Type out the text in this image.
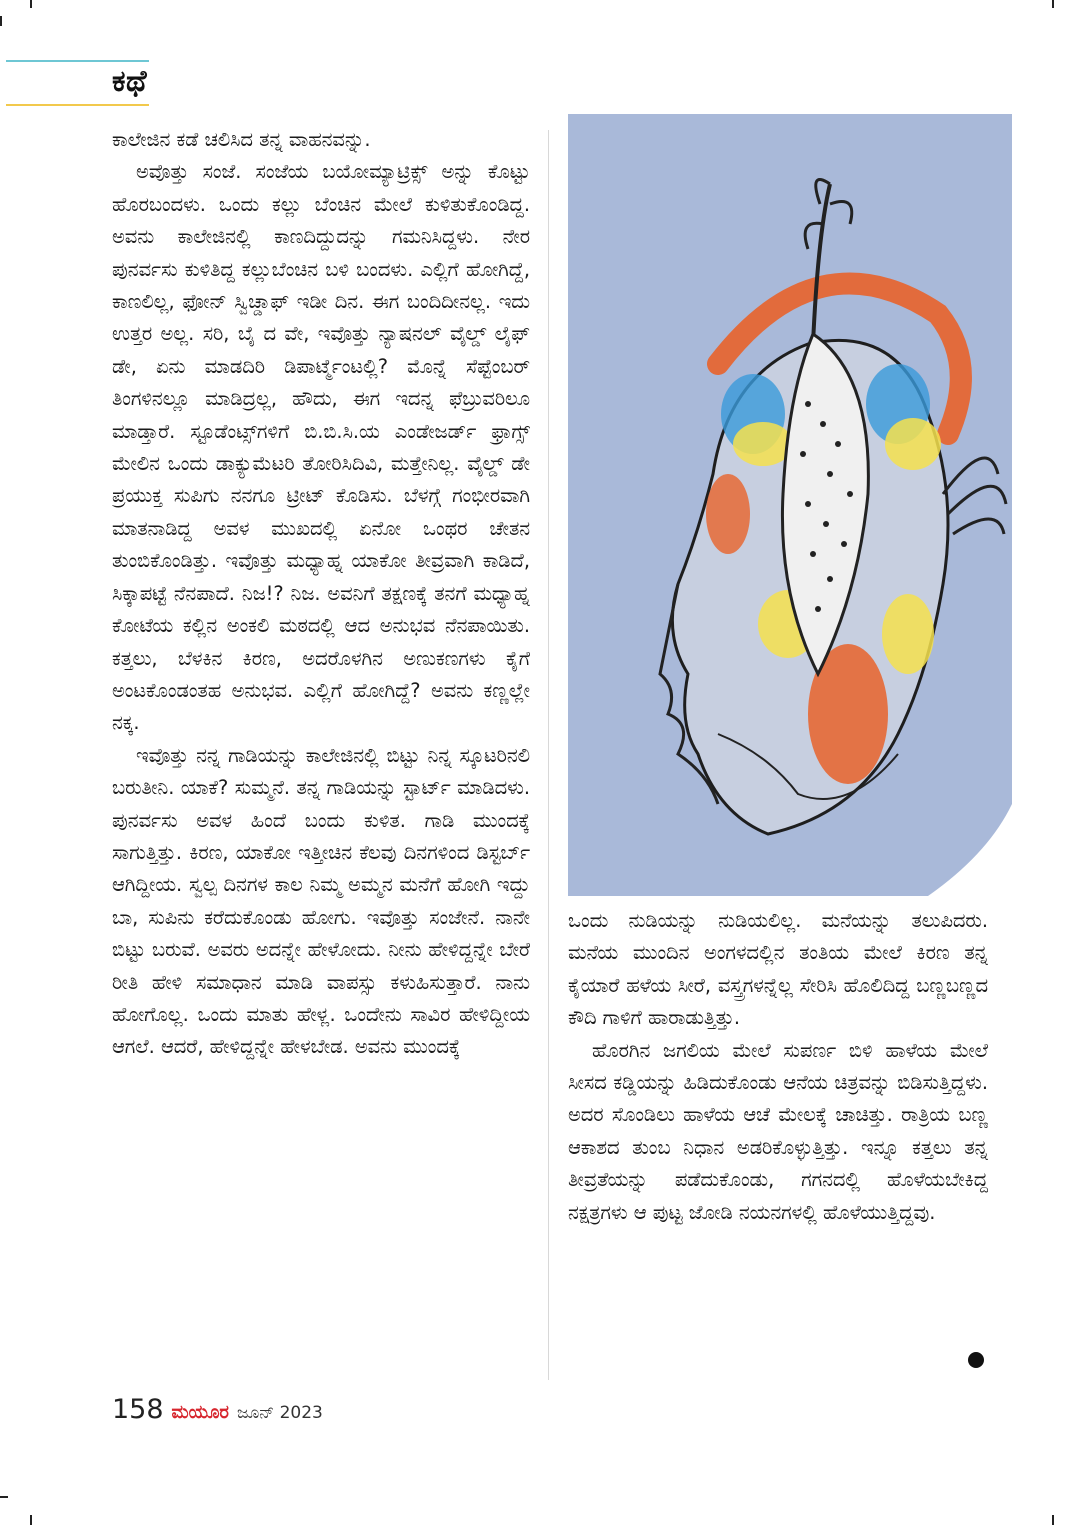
ಕಥೆ

ಕಾಲೇಜಿನ ಕಡೆ ಚಲಿಸಿದ ತನ್ನ ವಾಹನವನ್ನು.

ಅವೊತ್ತು ಸಂಜೆ. ಸಂಜೆಯ ಬಯೋಮ್ಯಾಟ್ರಿಕ್ಸ್ ಅನ್ನು ಕೊಟ್ಟು ಹೊರಬಂದಳು. ಒಂದು ಕಲ್ಲು ಬೆಂಚಿನ ಮೇಲೆ ಕುಳಿತುಕೊಂಡಿದ್ದ. ಅವನು ಕಾಲೇಜಿನಲ್ಲಿ ಕಾಣದಿದ್ದುದನ್ನು ಗಮನಿಸಿದ್ದಳು. ನೇರ ಪುನರ್ವಸು ಕುಳಿತಿದ್ದ ಕಲ್ಲುಬೆಂಚಿನ ಬಳಿ ಬಂದಳು. ಎಲ್ಲಿಗೆ ಹೋಗಿದ್ದೆ, ಕಾಣಲಿಲ್ಲ, ಫೋನ್ ಸ್ವಿಚ್ಡಾಫ್ ಇಡೀ ದಿನ. ಈಗ ಬಂದಿದೀನಲ್ಲ. ಇದು ಉತ್ತರ ಅಲ್ಲ. ಸರಿ, ಬೈ ದ ವೇ, ಇವೊತ್ತು ನ್ಯಾಷನಲ್ ವೈಲ್ಡ್ ಲೈಫ್ ಡೇ, ಏನು ಮಾಡದಿರಿ ಡಿಪಾರ್ಟ್ಮೆಂಟಲ್ಲಿ? ಮೊನ್ನೆ ಸೆಪ್ಟೆಂಬರ್ ತಿಂಗಳಿನಲ್ಲೂ ಮಾಡಿದ್ರಲ್ಲ, ಹೌದು, ಈಗ ಇದನ್ನ ಫೆಬ್ರುವರಿಲೂ ಮಾಡ್ತಾರೆ. ಸ್ಟೂಡೆಂಟ್ಸ್‌ಗಳಿಗೆ ಬಿ.ಬಿ.ಸಿ.ಯ ಎಂಡೇಜರ್ಡ್ ಫ್ರಾಗ್ಸ್ ಮೇಲಿನ ಒಂದು ಡಾಕ್ಯುಮೆಟರಿ ತೋರಿಸಿದಿವಿ, ಮತ್ತೇನಿಲ್ಲ. ವೈಲ್ಡ್ ಡೇ ಪ್ರಯುಕ್ತ ಸುಪಿಗು ನನಗೂ ಟ್ರೀಟ್ ಕೊಡಿಸು. ಬೆಳಗ್ಗೆ ಗಂಭೀರವಾಗಿ ಮಾತನಾಡಿದ್ದ ಅವಳ ಮುಖದಲ್ಲಿ ಏನೋ ಒಂಥರ ಚೇತನ ತುಂಬಿಕೊಂಡಿತ್ತು. ಇವೊತ್ತು ಮಧ್ಯಾಹ್ನ ಯಾಕೋ ತೀವ್ರವಾಗಿ ಕಾಡಿದೆ, ಸಿಕ್ಕಾಪಟ್ಟೆ ನೆನಪಾದೆ. ನಿಜ!? ನಿಜ. ಅವನಿಗೆ ತಕ್ಷಣಕ್ಕೆ ತನಗೆ ಮಧ್ಯಾಹ್ನ ಕೋಟೆಯ ಕಲ್ಲಿನ ಅಂಕಲಿ ಮಠದಲ್ಲಿ ಆದ ಅನುಭವ ನೆನಪಾಯಿತು. ಕತ್ತಲು, ಬೆಳಕಿನ ಕಿರಣ, ಅದರೊಳಗಿನ ಅಣುಕಣಗಳು ಕೈಗೆ ಅಂಟಕೊಂಡಂತಹ ಅನುಭವ. ಎಲ್ಲಿಗೆ ಹೋಗಿದ್ದೆ? ಅವನು ಕಣ್ಣಲ್ಲೇ ನಕ್ಕ.

ಇವೊತ್ತು ನನ್ನ ಗಾಡಿಯನ್ನು ಕಾಲೇಜಿನಲ್ಲಿ ಬಿಟ್ಟು ನಿನ್ನ ಸ್ಕೂಟರಿನಲಿ ಬರುತೀನಿ. ಯಾಕೆ? ಸುಮ್ಮನೆ. ತನ್ನ ಗಾಡಿಯನ್ನು ಸ್ಟಾರ್ಟ್ ಮಾಡಿದಳು. ಪುನರ್ವಸು ಅವಳ ಹಿಂದೆ ಬಂದು ಕುಳಿತ. ಗಾಡಿ ಮುಂದಕ್ಕೆ ಸಾಗುತ್ತಿತ್ತು. ಕಿರಣ, ಯಾಕೋ ಇತ್ತೀಚಿನ ಕೆಲವು ದಿನಗಳಿಂದ ಡಿಸ್ಟರ್ಬ್ ಆಗಿದ್ದೀಯ. ಸ್ವಲ್ಪ ದಿನಗಳ ಕಾಲ ನಿಮ್ಮ ಅಮ್ಮನ ಮನೆಗೆ ಹೋಗಿ ಇದ್ದು ಬಾ, ಸುಪಿನು ಕರೆದುಕೊಂಡು ಹೋಗು. ಇವೊತ್ತು ಸಂಜೇನೆ. ನಾನೇ ಬಿಟ್ಟು ಬರುವೆ. ಅವರು ಅದನ್ನೇ ಹೇಳೋದು. ನೀನು ಹೇಳಿದ್ದನ್ನೇ ಬೇರೆ ರೀತಿ ಹೇಳಿ ಸಮಾಧಾನ ಮಾಡಿ ವಾಪಸ್ಸು ಕಳುಹಿಸುತ್ತಾರೆ. ನಾನು ಹೋಗೊಲ್ಲ. ಒಂದು ಮಾತು ಹೇಳ್ಲ. ಒಂದೇನು ಸಾವಿರ ಹೇಳಿದ್ದೀಯ ಆಗಲೆ. ಆದರೆ, ಹೇಳಿದ್ದನ್ನೇ ಹೇಳಬೇಡ. ಅವನು ಮುಂದಕ್ಕೆ

ಒಂದು ನುಡಿಯನ್ನು ನುಡಿಯಲಿಲ್ಲ. ಮನೆಯನ್ನು ತಲುಪಿದರು. ಮನೆಯ ಮುಂದಿನ ಅಂಗಳದಲ್ಲಿನ ತಂತಿಯ ಮೇಲೆ ಕಿರಣ ತನ್ನ ಕೈಯಾರೆ ಹಳೆಯ ಸೀರೆ, ವಸ್ತ್ರಗಳನ್ನೆಲ್ಲ ಸೇರಿಸಿ ಹೊಲಿದಿದ್ದ ಬಣ್ಣಬಣ್ಣದ ಕೌದಿ ಗಾಳಿಗೆ ಹಾರಾಡುತ್ತಿತ್ತು.

ಹೊರಗಿನ ಜಗಲಿಯ ಮೇಲೆ ಸುಪರ್ಣ ಬಿಳಿ ಹಾಳೆಯ ಮೇಲೆ ಸೀಸದ ಕಡ್ಡಿಯನ್ನು ಹಿಡಿದುಕೊಂಡು ಆನೆಯ ಚಿತ್ರವನ್ನು ಬಿಡಿಸುತ್ತಿದ್ದಳು. ಅದರ ಸೊಂಡಿಲು ಹಾಳೆಯ ಆಚೆ ಮೇಲಕ್ಕೆ ಚಾಚಿತ್ತು. ರಾತ್ರಿಯ ಬಣ್ಣ ಆಕಾಶದ ತುಂಬ ನಿಧಾನ ಅಡರಿಕೊಳ್ಳುತ್ತಿತ್ತು. ಇನ್ನೂ ಕತ್ತಲು ತನ್ನ ತೀವ್ರತೆಯನ್ನು ಪಡೆದುಕೊಂಡು, ಗಗನದಲ್ಲಿ ಹೊಳೆಯಬೇಕಿದ್ದ ನಕ್ಷತ್ರಗಳು ಆ ಪುಟ್ಟ ಜೋಡಿ ನಯನಗಳಲ್ಲಿ ಹೊಳೆಯುತ್ತಿದ್ದವು.

158 ಮಯೂರ ಜೂನ್ 2023
